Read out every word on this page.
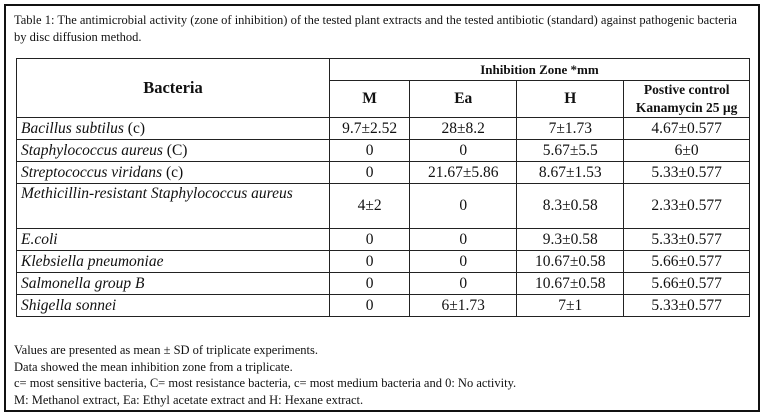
Table 1: The antimicrobial activity (zone of inhibition) of the tested plant extracts and the tested antibiotic (standard) against pathogenic bacteria by disc diffusion method.
Bacteria	Inhibition Zone *mm			
	M	Ea	H	Postive control
Kanamycin 25 µg
Bacillus subtilus (c)	9.7±2.52	28±8.2	7±1.73	4.67±0.577
Staphylococcus aureus (C)	0	0	5.67±5.5	6±0
Streptococcus viridans (c)	0	21.67±5.86	8.67±1.53	5.33±0.577
Methicillin-resistant Staphylococcus aureus	4±2	0	8.3±0.58	2.33±0.577
E.coli	0	0	9.3±0.58	5.33±0.577
Klebsiella pneumoniae	0	0	10.67±0.58	5.66±0.577
Salmonella group B	0	0	10.67±0.58	5.66±0.577
Shigella sonnei	0	6±1.73	7±1	5.33±0.577
Values are presented as mean ± SD of triplicate experiments.
Data showed the mean inhibition zone from a triplicate.
c= most sensitive bacteria, C= most resistance bacteria, c= most medium bacteria and 0: No activity.
M: Methanol extract, Ea: Ethyl acetate extract and H: Hexane extract.
